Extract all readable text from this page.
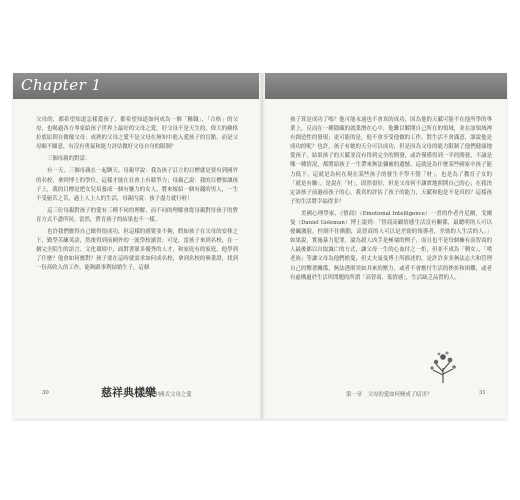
Chapter 1

父母的，都希望知道怎樣愛孩子，都希望知道如何成為一個「稱職」、「合格」的父母，也喝過各方專家給孩子世界上最好的父母之愛，好父母不是天生的，偉大的蘇格拉底原則在做傻父母：成熟的父母之愛不是父母在無知中進入愛孩子的盲點，而是父母願不願意，有沒有勇氣和能力評估做好父母自身的限制？

三個母親的對話：

有一天，三個母親在一起聊天。母親甲說：我為孩子訂立的目標就是要有到國外的名校，拿到博士的學位，這樣才能在社會上有競爭力；母親乙說：我的目標要讓孩子上，我的目標是把女兒培養成一個有魅力的女人，將來嫁給一個有錢的男人，一生不受窮苦之苦，過上人上人的生活，母親丙說：孩子盡力就行啦！

這三位母親對孩子的愛有三種不同的理解，而不同的理解會從母親對待孩子的費育方式不盡所同。當然，費育孩子的結果也不一樣。

也許我們應得自己做得很成功，但這樣的感覺並不夠，假如孩子在父母的安排之下，勤學苦練英語，然後得到前國外的一流學校讀書；可是，當孩子來到名校，在一個完全陌生的語言、文化環境中，面對著眾多優秀的人才，和家庭有的家庭，他學到了什麼？他會如何應對？孩子要在這時就需求如何成名校，拿到名校的畢業證，找到一份高收入的工作，能夠跟事利結婚生子，這個

孩子算是成功了嗎？他可能永遠也不會真的成功，因為他的天賦可能不在他所學的專業上，反而在一種隱藏的就業潛在心中，他難以解開自己所在的領域，並在該領域裡有創造性的發現；更可能的是，他不會享受他做的工作，對生活不會滿意，誰說他是成功的呢？也許，孩子有她的天分可以成功，但是因為父母的能力限制了他們健康地愛孩子，結果孩子的天賦並沒有得到完全的開發，或許僅僅得到一半的開發，不論是哪一種情況，都將給孩子一生帶來無法彌補的遺憾，這就是為什麼某些國家中孩子能力低下，這就是為何在現在某些孩子的發生不學不覺「材」，也是為了教育子女的「就是有賺」，是說在「材」，固然很好，但是父母何不讓實地照開自己的心；在我決定該孩子前過前孩子的心，我真的評估了孩子的能力，天賦和他是不是真的？這樣孩子的生活將幸福得多？

美國心理學家，《情商》（Emotional Intelligence）一書的作者丹尼爾，戈爾曼（Daniel Goleman）博士說到：「智商高顧情感生活沒有關係，最聰明的人可以發飆激射，控制不住衝動，高智商的人可以是差勁的領導者，差勁的人生活的人。」如果說，實施暴力犯罪，淪為殺人凶手是極端的例子，而且也不是每個擁有高智商的人最後都以自取滅亡的方式，讓父母一生的心血付之一炬，但並不成為「剩女」，「啃老族」等讓父母為他們擔憂，但丈夫曼曼博士所描述的，是許許多多無法志大和管理自己的嚮著關係，無法透則突如其來的壓力，或者不會應付生活的挫折和困難，或者有虛構過於生活所問題的所謂「高智商、低情感」，生活缺乏品質的人。

30	慈祥典樣樂
透視中國式父母之愛	第一章　父母的愛如何變成了暗害？	31
